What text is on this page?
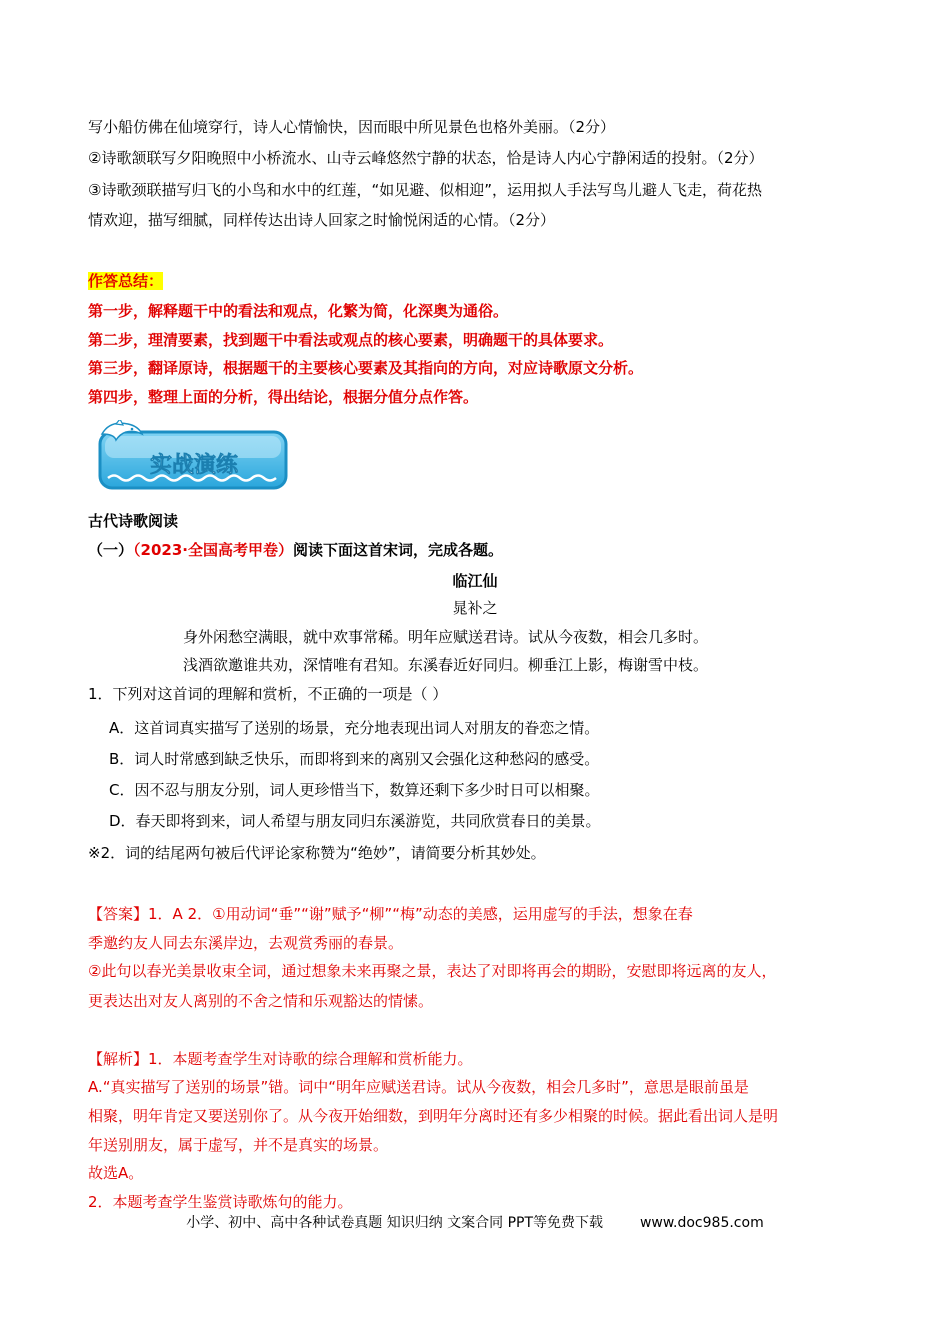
写小船仿佛在仙境穿行，诗人心情愉快，因而眼中所见景色也格外美丽。（2分）
②诗歌颔联写夕阳晚照中小桥流水、山寺云峰悠然宁静的状态，恰是诗人内心宁静闲适的投射。（2分）
③诗歌颈联描写归飞的小鸟和水中的红莲，“如见避、似相迎”，运用拟人手法写鸟儿避人飞走，荷花热
情欢迎，描写细腻，同样传达出诗人回家之时愉悦闲适的心情。（2分）
作答总结：
第一步，解释题干中的看法和观点，化繁为简，化深奥为通俗。
第二步，理清要素，找到题干中看法或观点的核心要素，明确题干的具体要求。
第三步，翻译原诗，根据题干的主要核心要素及其指向的方向，对应诗歌原文分析。
第四步，整理上面的分析，得出结论，根据分值分点作答。
实战演练
古代诗歌阅读
（一）（2023·全国高考甲卷）阅读下面这首宋词，完成各题。
临江仙
晁补之
身外闲愁空满眼，就中欢事常稀。明年应赋送君诗。试从今夜数，相会几多时。
浅酒欲邀谁共劝，深情唯有君知。东溪春近好同归。柳垂江上影，梅谢雪中枝。
1．下列对这首词的理解和赏析，不正确的一项是（ ）
A．这首词真实描写了送别的场景，充分地表现出词人对朋友的眷恋之情。
B．词人时常感到缺乏快乐，而即将到来的离别又会强化这种愁闷的感受。
C．因不忍与朋友分别，词人更珍惜当下，数算还剩下多少时日可以相聚。
D．春天即将到来，词人希望与朋友同归东溪游览，共同欣赏春日的美景。
※2．词的结尾两句被后代评论家称赞为“绝妙”，请简要分析其妙处。
【答案】1．A 2．①用动词“垂”“谢”赋予“柳”“梅”动态的美感，运用虚写的手法，想象在春
季邀约友人同去东溪岸边，去观赏秀丽的春景。
②此句以春光美景收束全词，通过想象未来再聚之景，表达了对即将再会的期盼，安慰即将远离的友人，
更表达出对友人离别的不舍之情和乐观豁达的情愫。
【解析】1．本题考查学生对诗歌的综合理解和赏析能力。
A.“真实描写了送别的场景”错。词中“明年应赋送君诗。试从今夜数，相会几多时”，意思是眼前虽是
相聚，明年肯定又要送别你了。从今夜开始细数，到明年分离时还有多少相聚的时候。据此看出词人是明
年送别朋友，属于虚写，并不是真实的场景。
故选A。
2．本题考查学生鉴赏诗歌炼句的能力。
小学、初中、高中各种试卷真题 知识归纳 文案合同 PPT等免费下载	www.doc985.com
